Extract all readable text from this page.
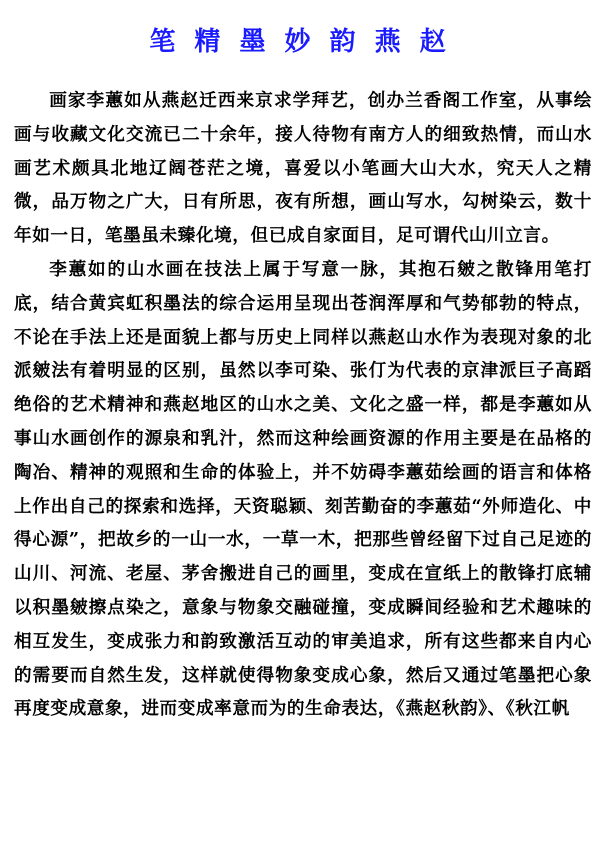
笔 精 墨 妙 韵 燕 赵

画家李蕙如从燕赵迁西来京求学拜艺，创办兰香阁工作室，从事绘画与收藏文化交流已二十余年，接人待物有南方人的细致热情，而山水画艺术颇具北地辽阔苍茫之境，喜爱以小笔画大山大水，究天人之精微，品万物之广大，日有所思，夜有所想，画山写水，勾树染云，数十年如一日，笔墨虽未臻化境，但已成自家面目，足可谓代山川立言。

李蕙如的山水画在技法上属于写意一脉，其抱石皴之散锋用笔打底，结合黄宾虹积墨法的综合运用呈现出苍润浑厚和气势郁勃的特点，不论在手法上还是面貌上都与历史上同样以燕赵山水作为表现对象的北派皴法有着明显的区别，虽然以李可染、张仃为代表的京津派巨子高蹈绝俗的艺术精神和燕赵地区的山水之美、文化之盛一样，都是李蕙如从事山水画创作的源泉和乳汁，然而这种绘画资源的作用主要是在品格的陶冶、精神的观照和生命的体验上，并不妨碍李蕙茹绘画的语言和体格上作出自己的探索和选择，天资聪颖、刻苦勤奋的李蕙茹“外师造化、中得心源”，把故乡的一山一水，一草一木，把那些曾经留下过自己足迹的山川、河流、老屋、茅舍搬进自己的画里，变成在宣纸上的散锋打底辅以积墨皴擦点染之，意象与物象交融碰撞，变成瞬间经验和艺术趣味的相互发生，变成张力和韵致激活互动的审美追求，所有这些都来自内心的需要而自然生发，这样就使得物象变成心象，然后又通过笔墨把心象再度变成意象，进而变成率意而为的生命表达，《燕赵秋韵》、《秋江帆
